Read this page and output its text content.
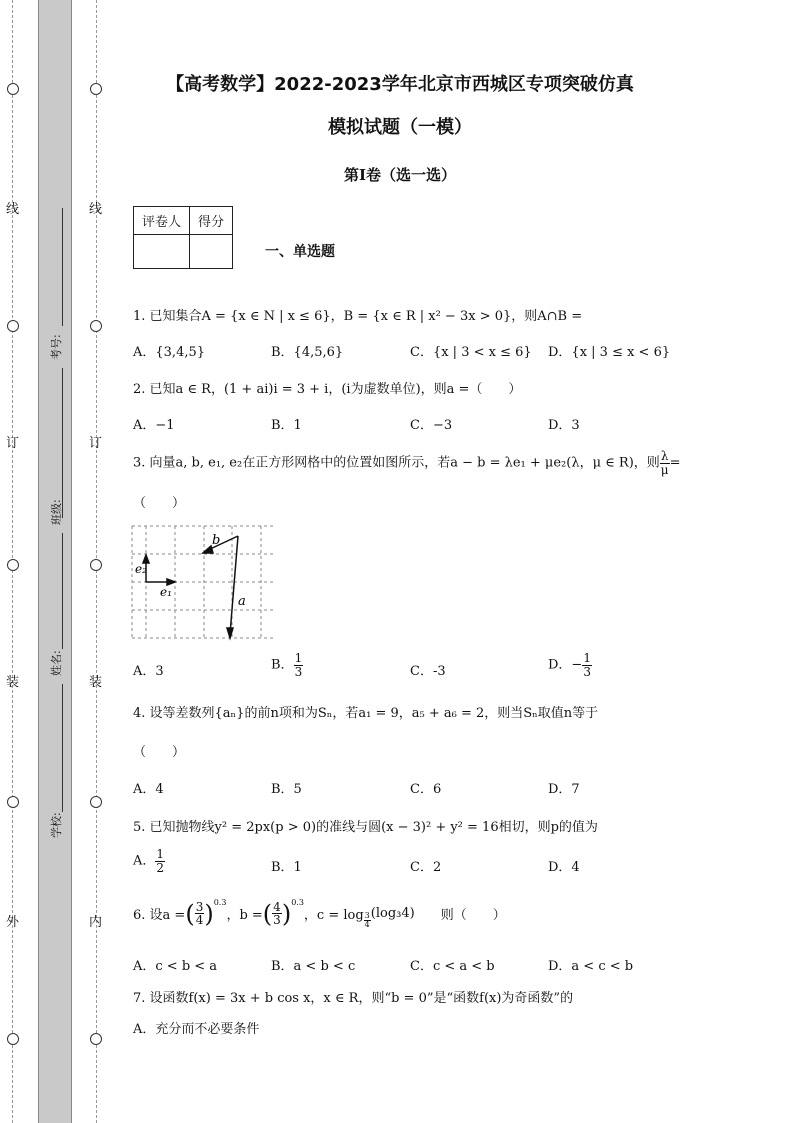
线
订
装
外
线
订
装
内
考号:
班级:
姓名:
学校:
【高考数学】2022-2023学年北京市西城区专项突破仿真
模拟试题（一模）
第I卷（选一选）
评卷人	得分

一、单选题
1. 已知集合A = {x ∈ N | x ≤ 6}，B = {x ∈ R | x² − 3x > 0}，则A∩B =
A．{3,4,5}	B．{4,5,6}	C．{x | 3 < x ≤ 6} D．{x | 3 ≤ x < 6}
2. 已知a ∈ R，(1 + ai)i = 3 + i，(i为虚数单位)，则a =（　　）
A．−1	B．1	C．−3	D．3
3. 向量a, b, e₁, e₂在正方形网格中的位置如图所示，若a − b = λe₁ + μe₂(λ，μ ∈ R)，则 $\frac{\lambda}{\mu}$ =
（　　）
b
a
e₂
e₁
A．3	B． $\frac{1}{3}$	C．-3	D．− $\frac{1}{3}$
4. 设等差数列{aₙ}的前n项和为Sₙ，若a₁ = 9，a₅ + a₆ = 2，则当Sₙ取值n等于
（　　）
A．4	B．5	C．6	D．7
5. 已知抛物线y² = 2px(p > 0)的准线与圆(x − 3)² + y² = 16相切，则p的值为
A． $\frac{1}{2}$	B．1	C．2	D．4
6. 设a = ( $\frac{3}{4} )^{0.3}$
，b = ( $\frac{4}{3} )^{0.3}$
，$c = \log \frac{3}{4} (\log_34)$ 　　则（　　）
A．c < b < a	B．a < b < c	C．c < a < b	D．a < c < b
7. 设函数f(x) = 3x + b cos x，x ∈ R，则“b = 0”是“函数f(x)为奇函数”的
A．充分而不必要条件
